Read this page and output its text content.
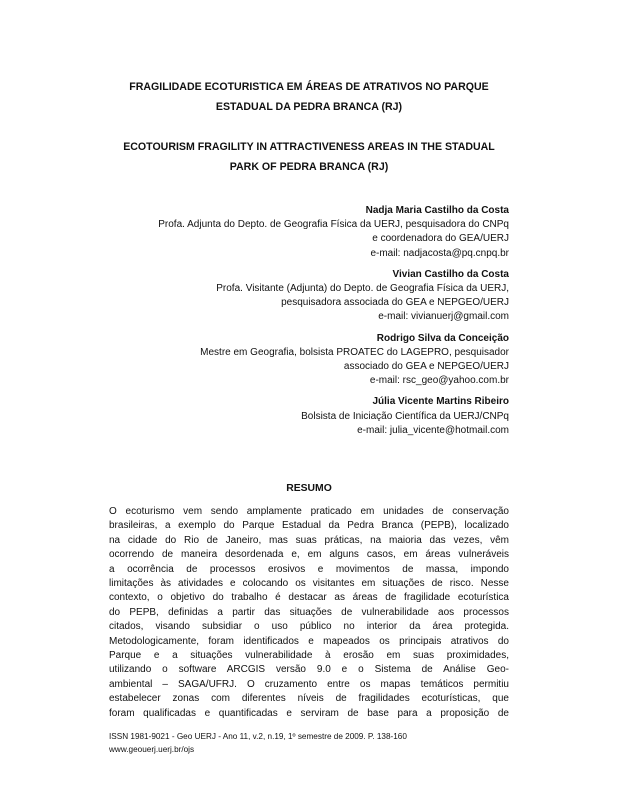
FRAGILIDADE ECOTURISTICA EM ÁREAS DE ATRATIVOS NO PARQUE
ESTADUAL DA PEDRA BRANCA (RJ)
ECOTOURISM FRAGILITY IN ATTRACTIVENESS AREAS IN THE STADUAL
PARK OF PEDRA BRANCA (RJ)
Nadja Maria Castilho da Costa
Profa. Adjunta do Depto. de Geografia Física da UERJ, pesquisadora do CNPq
e coordenadora do GEA/UERJ
e-mail: nadjacosta@pq.cnpq.br
Vivian Castilho da Costa
Profa. Visitante (Adjunta) do Depto. de Geografia Física da UERJ,
pesquisadora associada do GEA e NEPGEO/UERJ
e-mail: vivianuerj@gmail.com
Rodrigo Silva da Conceição
Mestre em Geografia, bolsista PROATEC do LAGEPRO, pesquisador
associado do GEA e NEPGEO/UERJ
e-mail: rsc_geo@yahoo.com.br
Júlia Vicente Martins Ribeiro
Bolsista de Iniciação Científica da UERJ/CNPq
e-mail: julia_vicente@hotmail.com
RESUMO
O ecoturismo vem sendo amplamente praticado em unidades de conservação
brasileiras, a exemplo do Parque Estadual da Pedra Branca (PEPB), localizado
na cidade do Rio de Janeiro, mas suas práticas, na maioria das vezes, vêm
ocorrendo de maneira desordenada e, em alguns casos, em áreas vulneráveis
a ocorrência de processos erosivos e movimentos de massa, impondo
limitações às atividades e colocando os visitantes em situações de risco. Nesse
contexto, o objetivo do trabalho é destacar as áreas de fragilidade ecoturística
do PEPB, definidas a partir das situações de vulnerabilidade aos processos
citados, visando subsidiar o uso público no interior da área protegida.
Metodologicamente, foram identificados e mapeados os principais atrativos do
Parque e a situações vulnerabilidade à erosão em suas proximidades,
utilizando o software ARCGIS versão 9.0 e o Sistema de Análise Geo-
ambiental – SAGA/UFRJ. O cruzamento entre os mapas temáticos permitiu
estabelecer zonas com diferentes níveis de fragilidades ecoturísticas, que
foram qualificadas e quantificadas e serviram de base para a proposição de
ISSN 1981-9021 - Geo UERJ - Ano 11, v.2, n.19, 1º semestre de 2009. P. 138-160
www.geouerj.uerj.br/ojs
